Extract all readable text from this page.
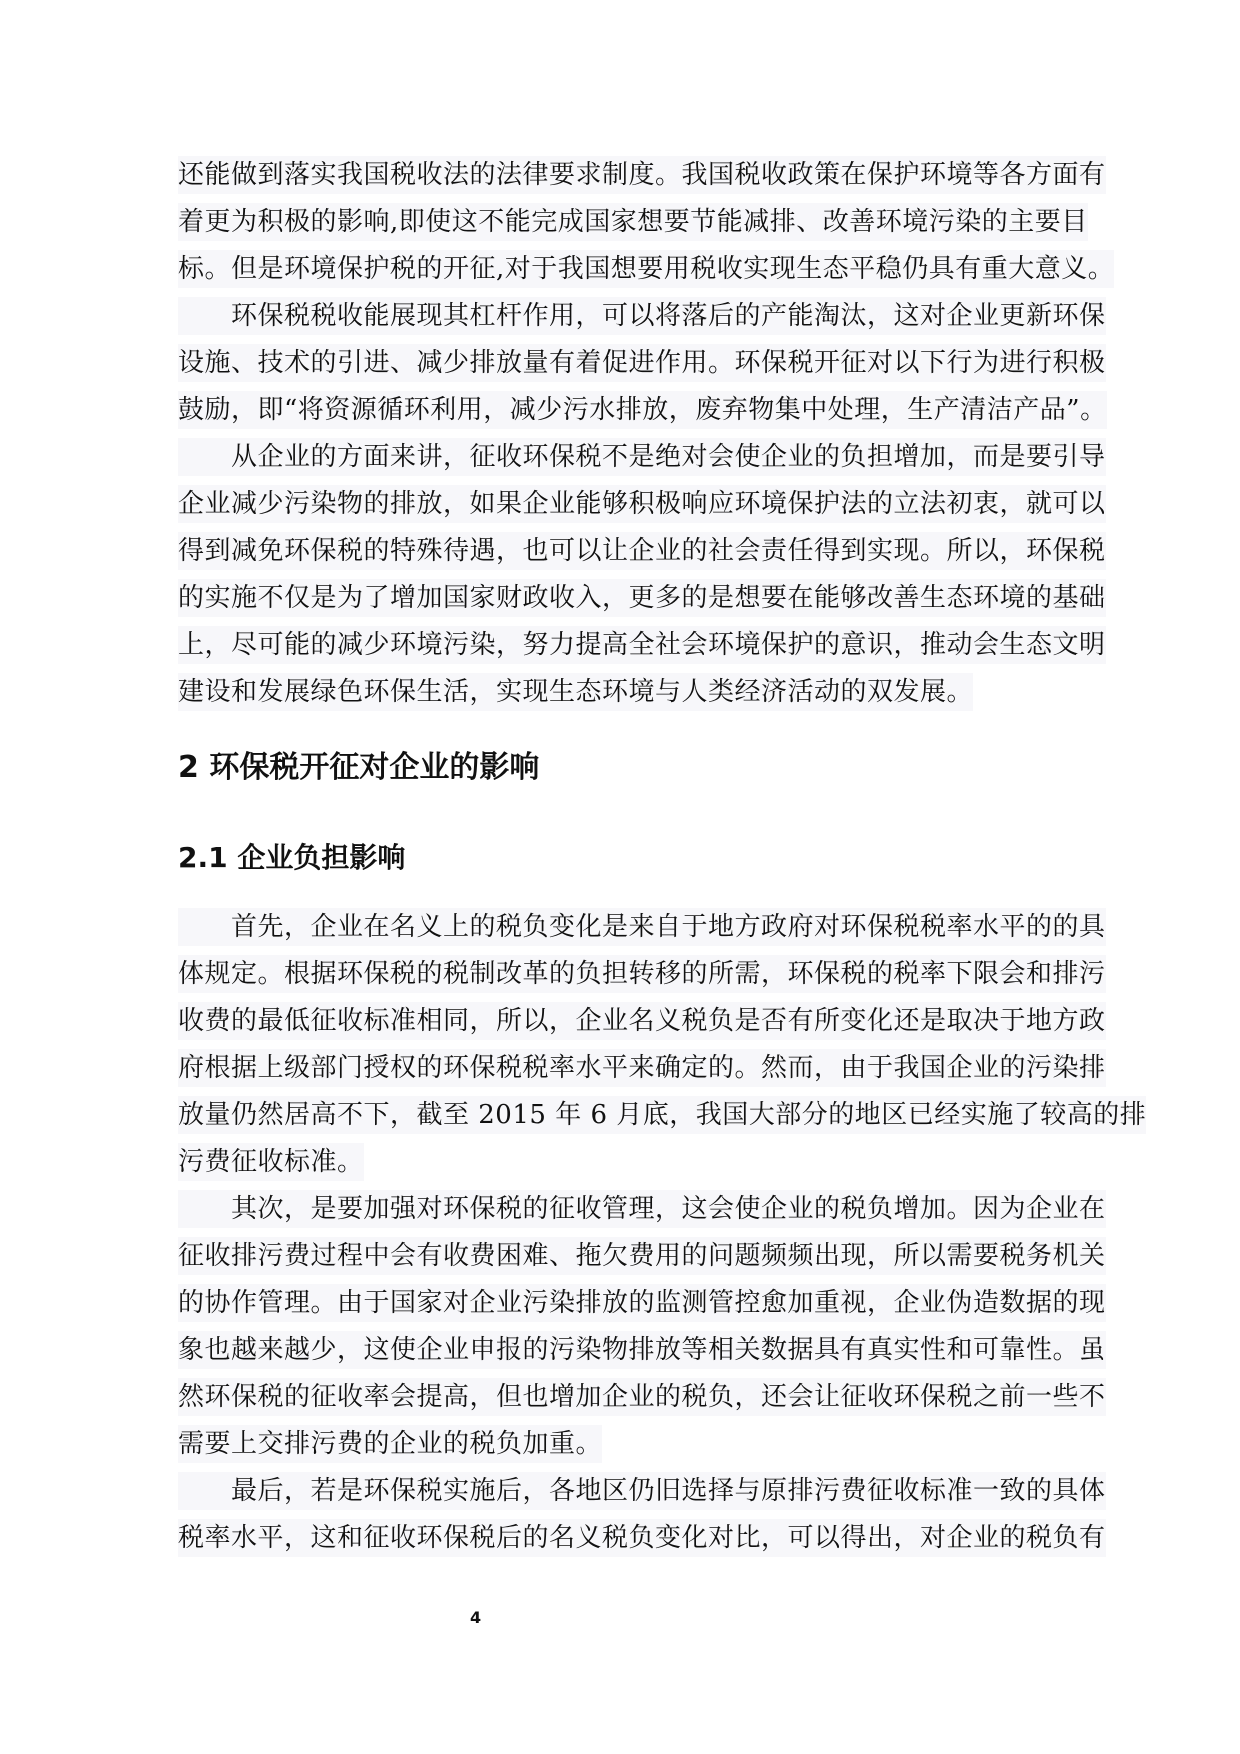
还能做到落实我国税收法的法律要求制度。我国税收政策在保护环境等各方面有
着更为积极的影响,即使这不能完成国家想要节能减排、改善环境污染的主要目
标。但是环境保护税的开征,对于我国想要用税收实现生态平稳仍具有重大意义。
　　环保税税收能展现其杠杆作用，可以将落后的产能淘汰，这对企业更新环保
设施、技术的引进、减少排放量有着促进作用。环保税开征对以下行为进行积极
鼓励，即“将资源循环利用，减少污水排放，废弃物集中处理，生产清洁产品”。
　　从企业的方面来讲，征收环保税不是绝对会使企业的负担增加，而是要引导
企业减少污染物的排放，如果企业能够积极响应环境保护法的立法初衷，就可以
得到减免环保税的特殊待遇，也可以让企业的社会责任得到实现。所以，环保税
的实施不仅是为了增加国家财政收入，更多的是想要在能够改善生态环境的基础
上，尽可能的减少环境污染，努力提高全社会环境保护的意识，推动会生态文明
建设和发展绿色环保生活，实现生态环境与人类经济活动的双发展。
2 环保税开征对企业的影响
2.1 企业负担影响
　　首先，企业在名义上的税负变化是来自于地方政府对环保税税率水平的的具
体规定。根据环保税的税制改革的负担转移的所需，环保税的税率下限会和排污
收费的最低征收标准相同，所以，企业名义税负是否有所变化还是取决于地方政
府根据上级部门授权的环保税税率水平来确定的。然而，由于我国企业的污染排
放量仍然居高不下，截至 2015 年 6 月底，我国大部分的地区已经实施了较高的排
污费征收标准。
　　其次，是要加强对环保税的征收管理，这会使企业的税负增加。因为企业在
征收排污费过程中会有收费困难、拖欠费用的问题频频出现，所以需要税务机关
的协作管理。由于国家对企业污染排放的监测管控愈加重视，企业伪造数据的现
象也越来越少，这使企业申报的污染物排放等相关数据具有真实性和可靠性。虽
然环保税的征收率会提高，但也增加企业的税负，还会让征收环保税之前一些不
需要上交排污费的企业的税负加重。
　　最后，若是环保税实施后，各地区仍旧选择与原排污费征收标准一致的具体
税率水平，这和征收环保税后的名义税负变化对比，可以得出，对企业的税负有
4
